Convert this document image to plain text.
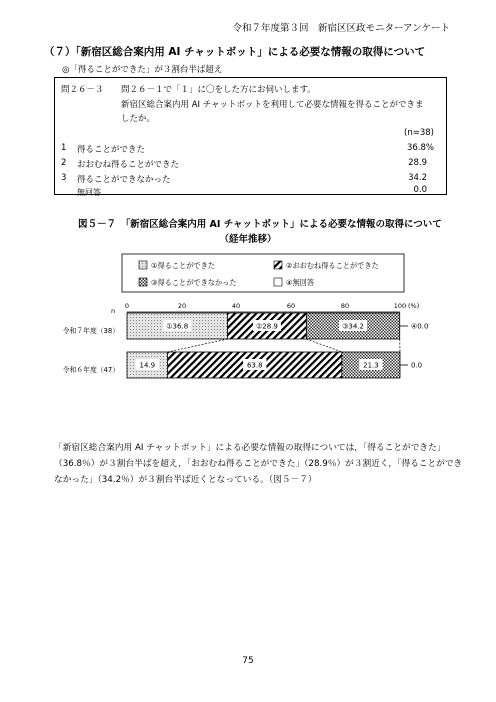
令和７年度第３回　新宿区区政モニターアンケート
（７）「新宿区総合案内用 AI チャットボット」による必要な情報の取得について
◎「得ることができた」が３割台半ば超え
問２６－３ 問２６－１で「１」に〇をした方にお伺いします。
新宿区総合案内用 AI チャットボットを利用して必要な情報を得ることができま
したか。
(n=38)
1 得ることができた	36.8%
2 おおむね得ることができた	28.9
3 得ることができなかった	34.2
無回答	0.0
図５－７　「新宿区総合案内用 AI チャットボット」による必要な情報の取得について
（経年推移）
①得ることができた	②おおむね得ることができた
③得ることができなかった	④無回答
n
0	20	40	60	80	100 (%)
令和７年度（38）
令和６年度（47）
①36.8	②28.9	③34.2	④0.0
14.9	63.8	21.3	0.0
「新宿区総合案内用 AI チャットボット」による必要な情報の取得については，「得ることができた」
（36.8％）が３割台半ばを超え，「おおむね得ることができた」（28.9％）が３割近く，「得ることができ
なかった」（34.2％）が３割台半ば近くとなっている。（図５－７）
75
